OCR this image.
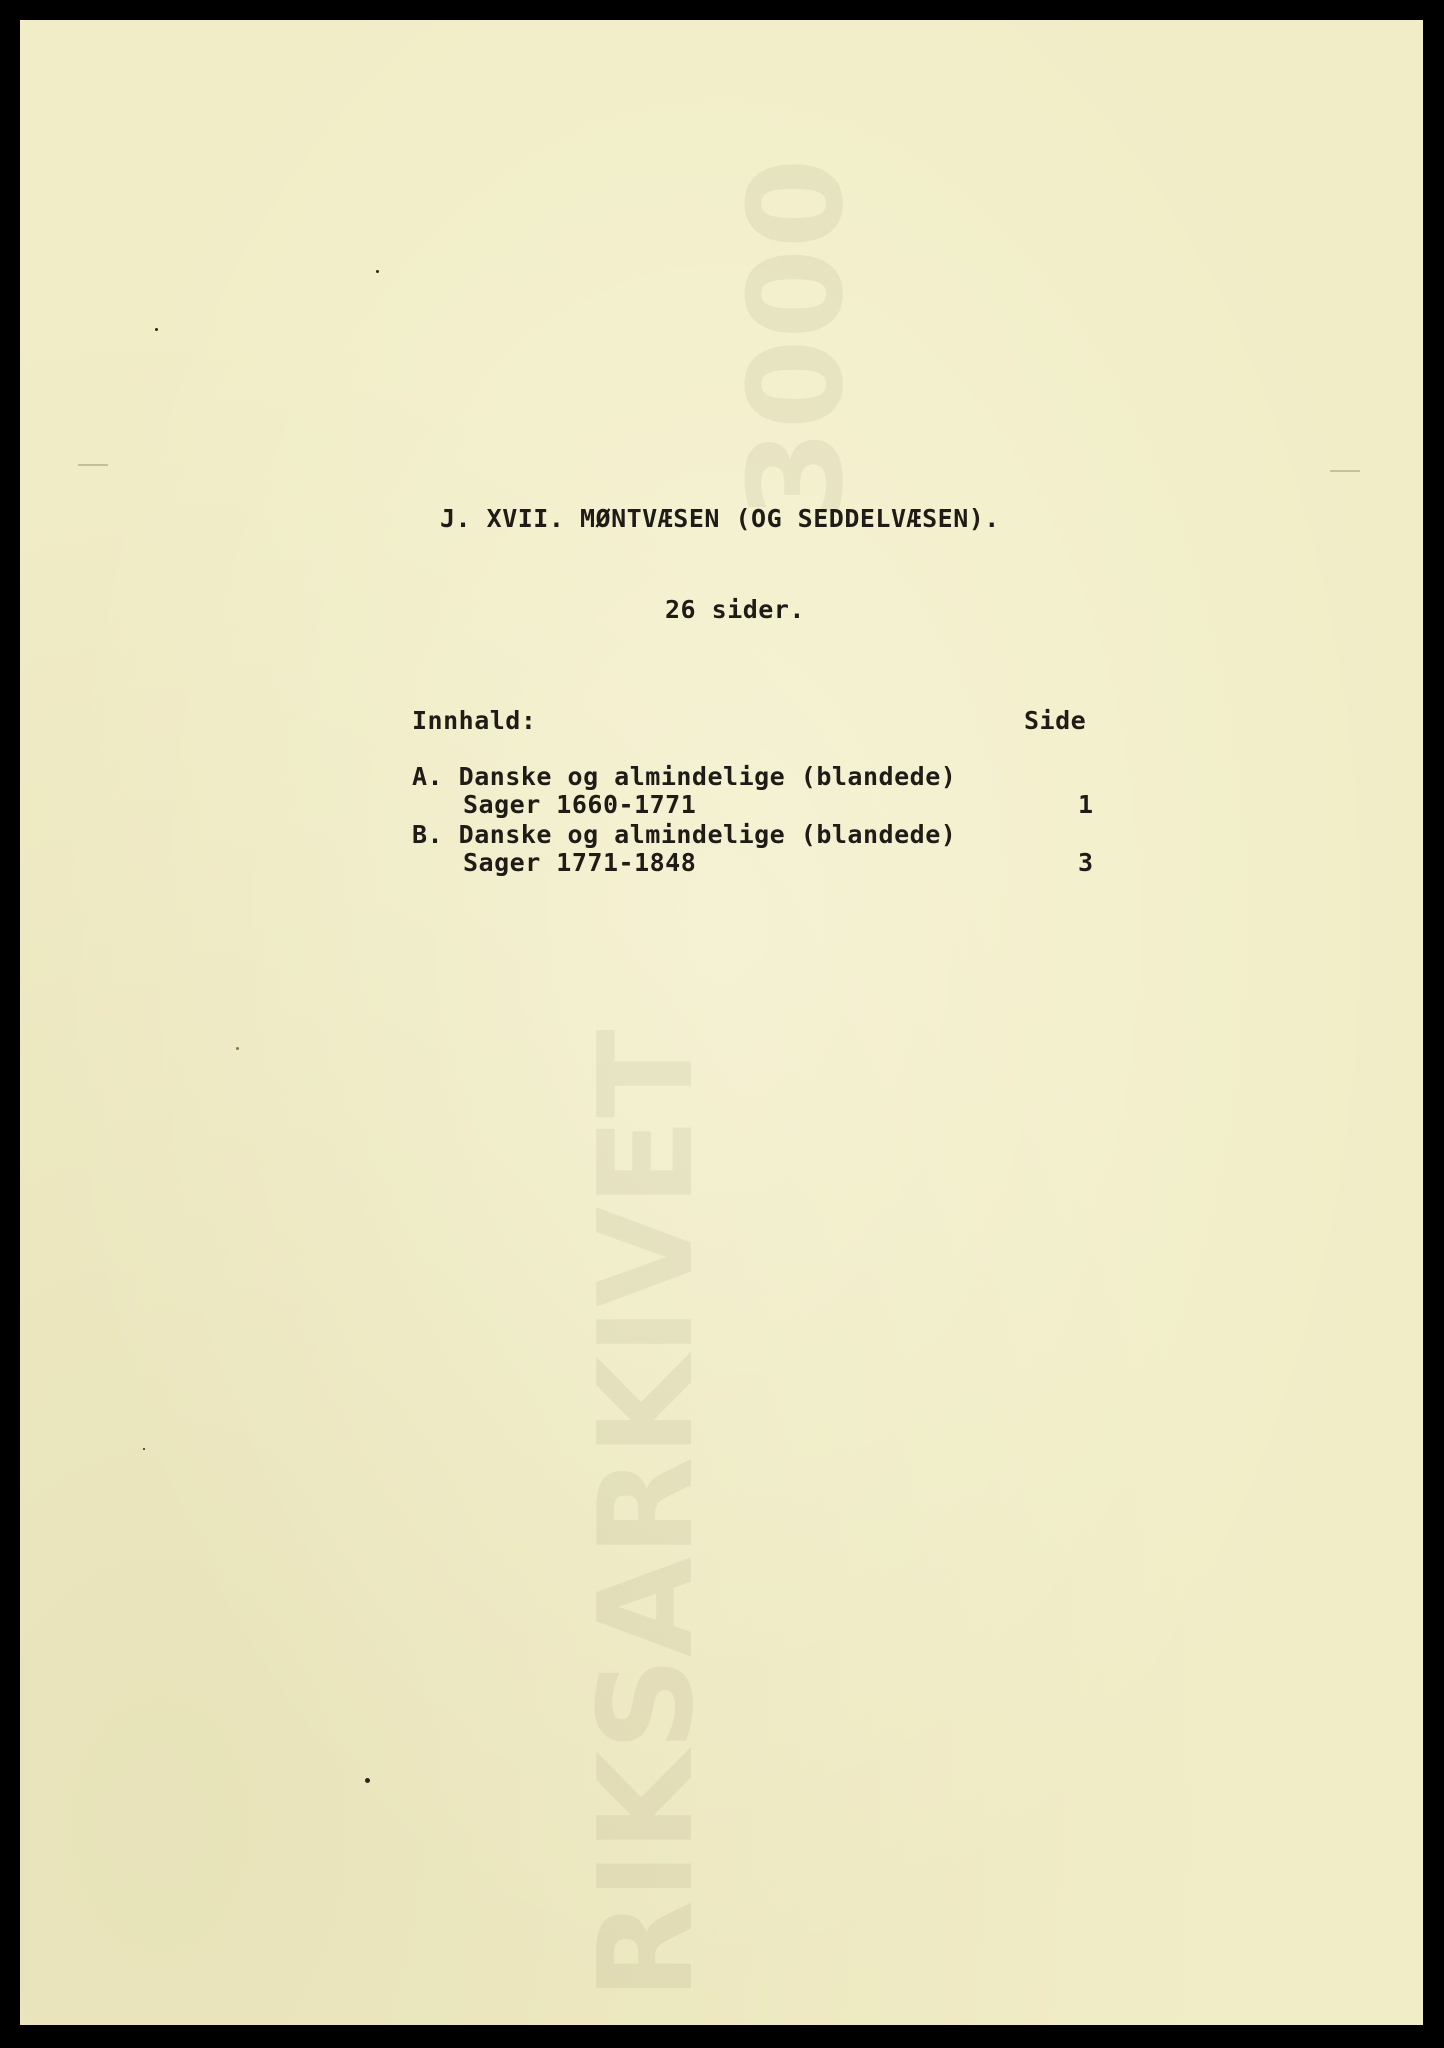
RIKSARKIVET
3000
J. XVII. MØNTVÆSEN (OG SEDDELVÆSEN).
26 sider.
Innhald:	Side
A. Danske og almindelige (blandede)
Sager 1660-1771	1
B. Danske og almindelige (blandede)
Sager 1771-1848	3
